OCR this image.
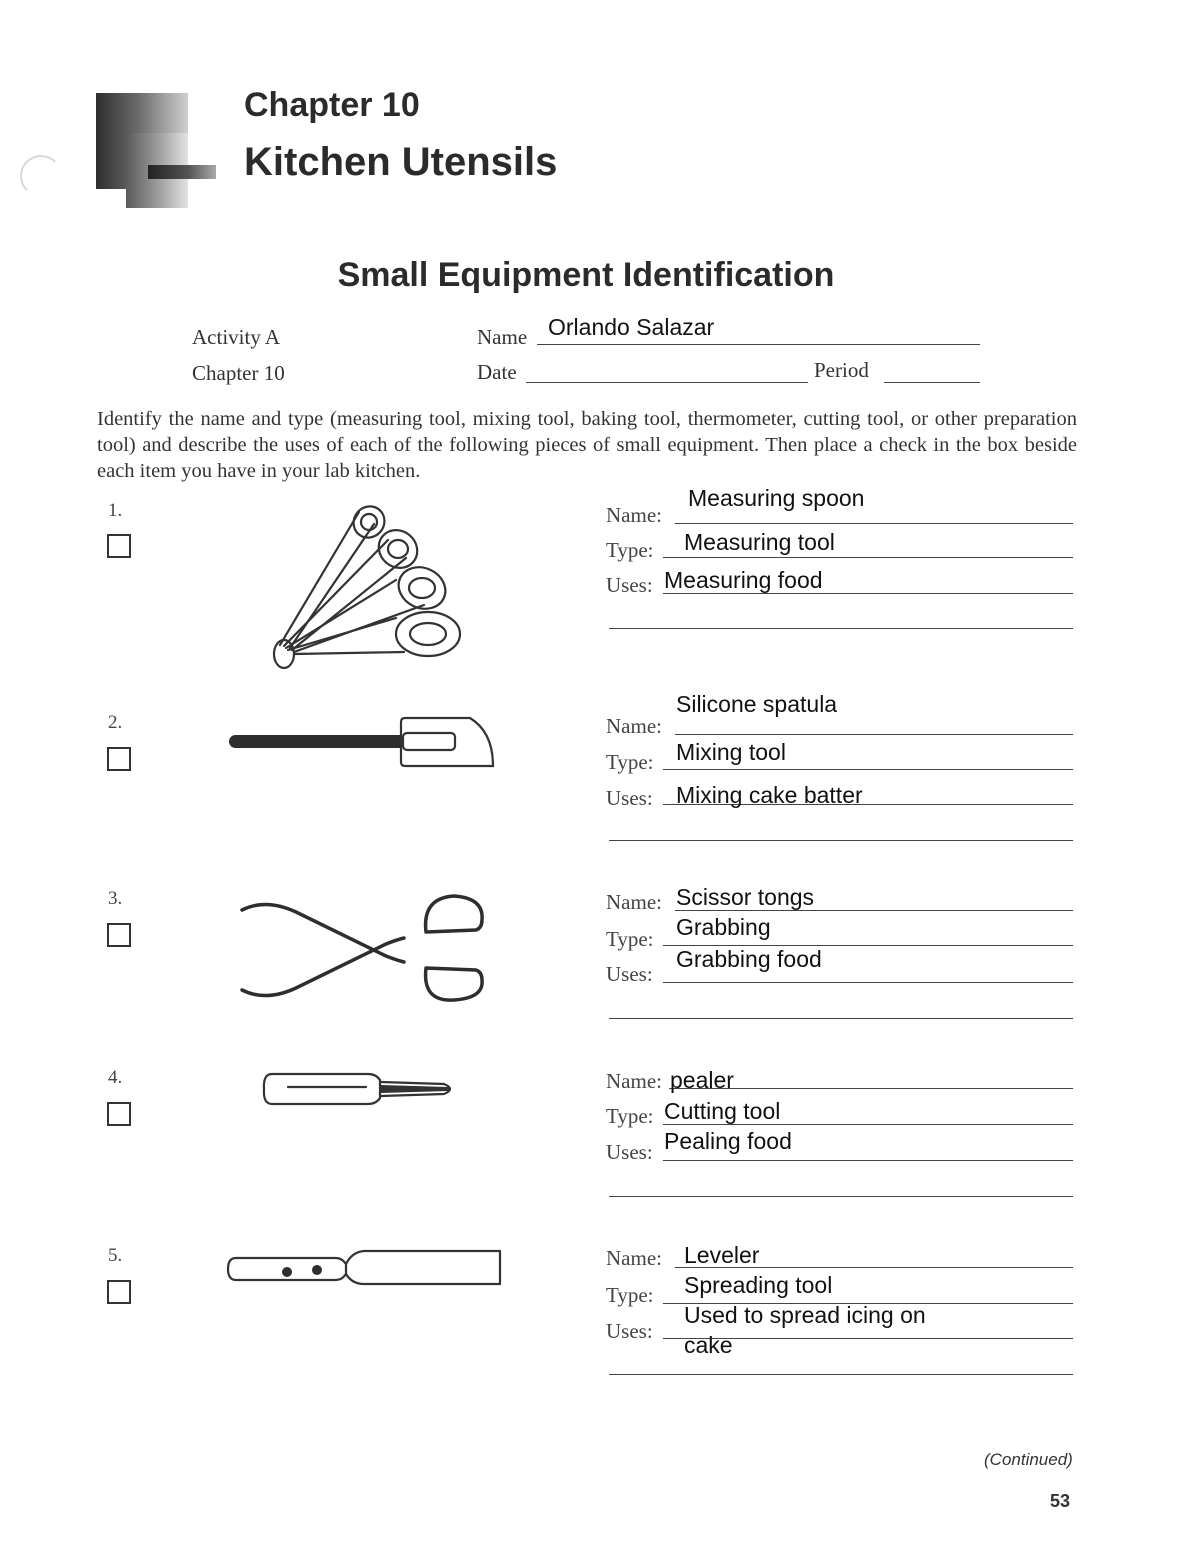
Chapter 10
Kitchen Utensils
Small Equipment Identification
Activity A
Chapter 10
Name Orlando Salazar
Date	Period
Identify the name and type (measuring tool, mixing tool, baking tool, thermometer, cutting tool, or other preparation tool) and describe the uses of each of the following pieces of small equipment. Then place a check in the box beside each item you have in your lab kitchen.
1.	Name:
Measuring spoon
Type: Measuring tool
Uses: Measuring food
2.	Name:
Silicone spatula
Type: Mixing tool
Uses: Mixing cake batter
3.	Name: Scissor tongs
Type: Grabbing
Uses:
Grabbing food
4.	Name: pealer
Type: Cutting tool
Uses: Pealing food
5.	Name: Leveler
Type: Spreading tool
Uses:
Used to spread icing on
cake
(Continued)
53
